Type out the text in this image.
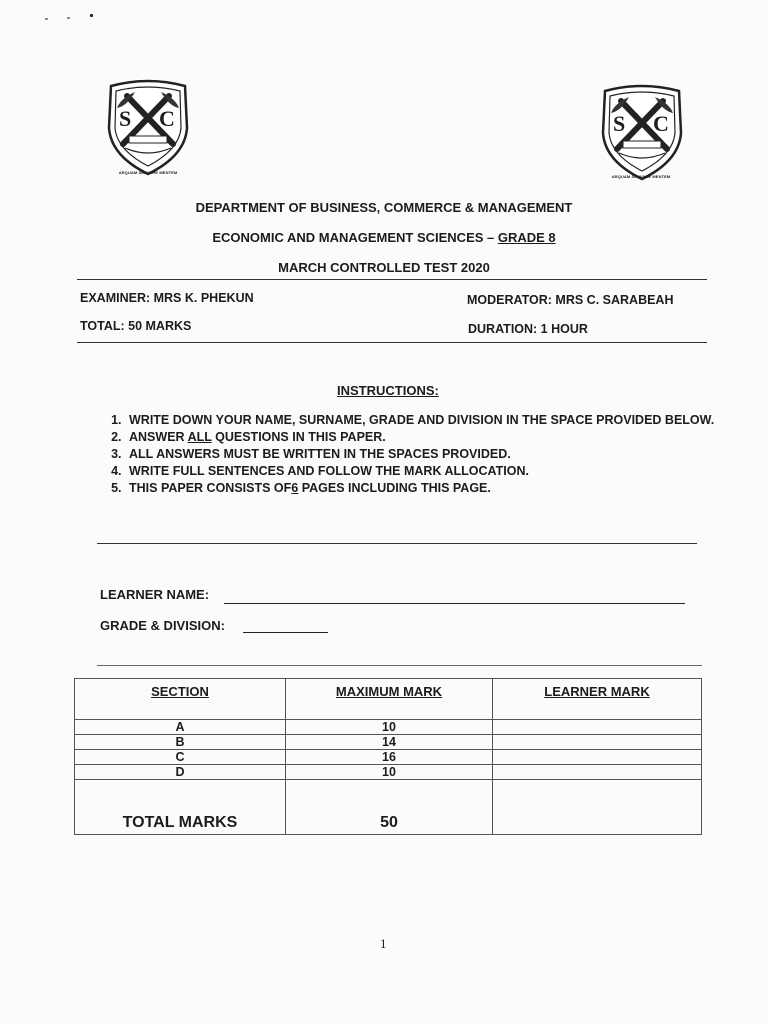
S C
ARQUAM SERVARE MENTEM
S C
ARQUAM SERVARE MENTEM
DEPARTMENT OF BUSINESS, COMMERCE & MANAGEMENT
ECONOMIC AND MANAGEMENT SCIENCES – GRADE 8
MARCH CONTROLLED TEST 2020
EXAMINER: MRS K. PHEKUN	MODERATOR: MRS C. SARABEAH
TOTAL: 50 MARKS	DURATION: 1 HOUR
INSTRUCTIONS:
1. WRITE DOWN YOUR NAME, SURNAME, GRADE AND DIVISION IN THE SPACE PROVIDED BELOW.
2. ANSWER ALL QUESTIONS IN THIS PAPER.
3. ALL ANSWERS MUST BE WRITTEN IN THE SPACES PROVIDED.
4. WRITE FULL SENTENCES AND FOLLOW THE MARK ALLOCATION.
5. THIS PAPER CONSISTS OF6 PAGES INCLUDING THIS PAGE.
LEARNER NAME:
GRADE & DIVISION:
SECTION	MAXIMUM MARK	LEARNER MARK
A	10	
B	14	
C	16	
D	10	
TOTAL MARKS	50	
1
